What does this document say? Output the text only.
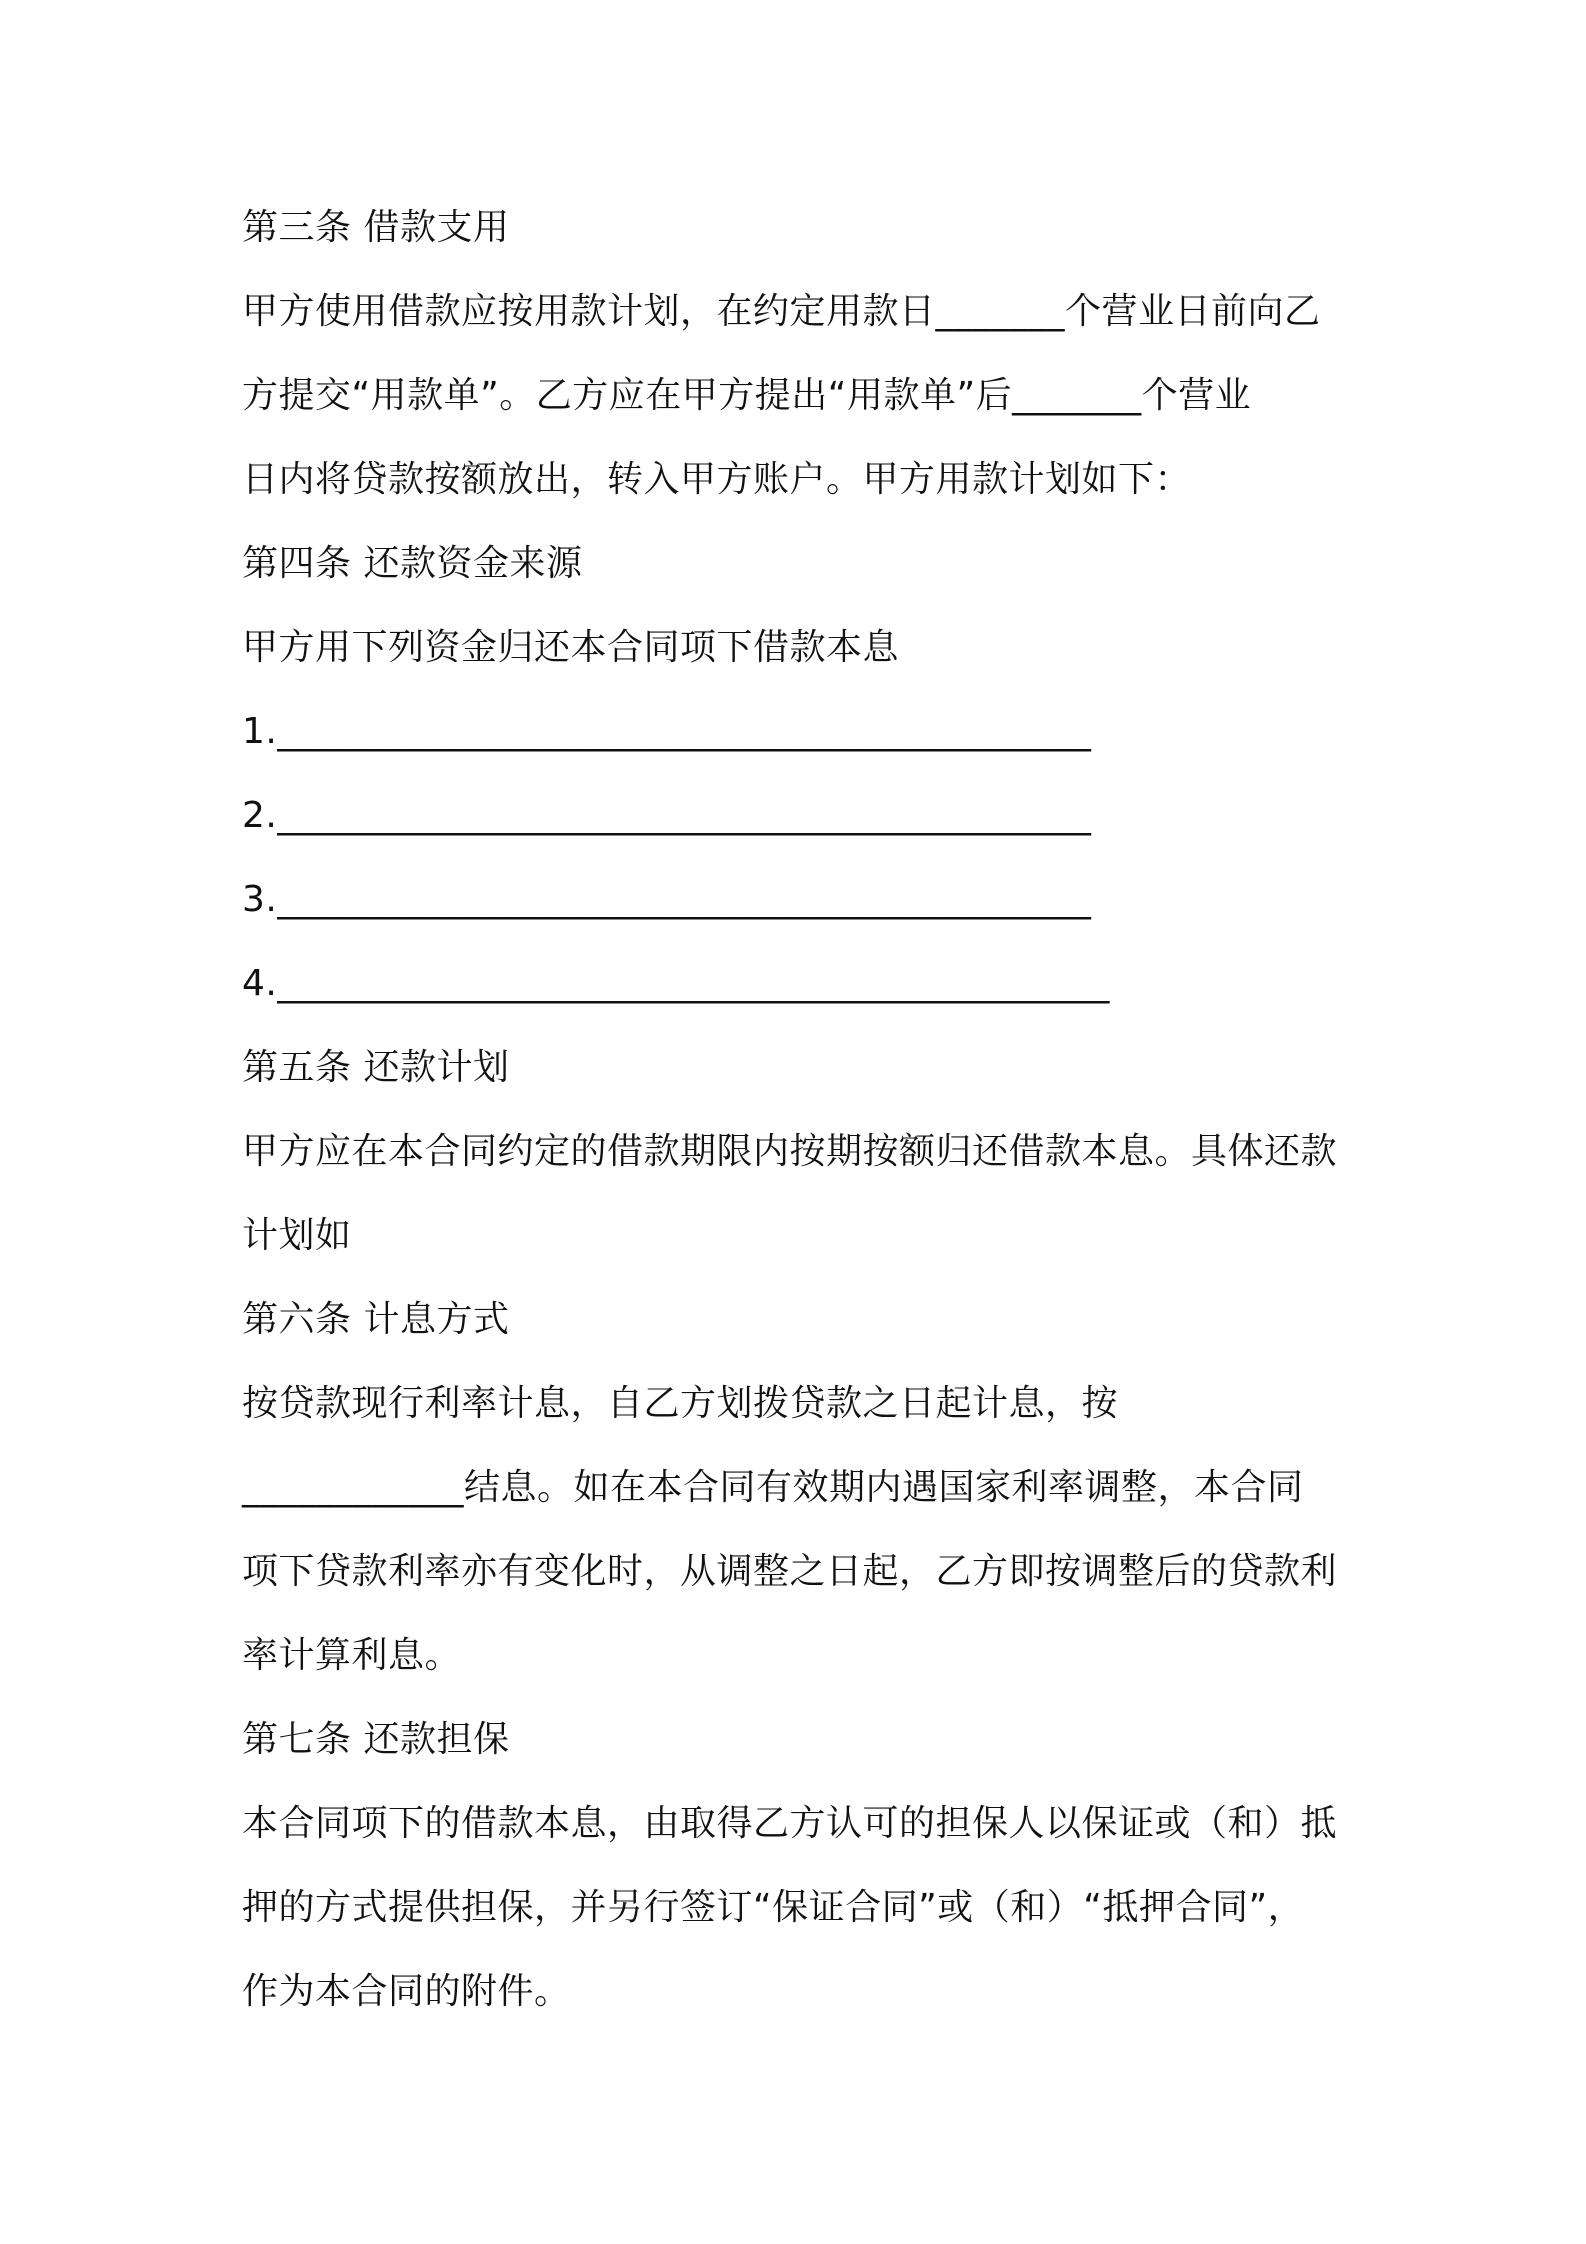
第三条 借款支用

甲方使用借款应按用款计划，在约定用款日_______个营业日前向乙

方提交“用款单”。乙方应在甲方提出“用款单”后_______个营业

日内将贷款按额放出，转入甲方账户。甲方用款计划如下：

第四条 还款资金来源

甲方用下列资金归还本合同项下借款本息

1.____________________________________________

2.____________________________________________

3.____________________________________________

4._____________________________________________

第五条 还款计划

甲方应在本合同约定的借款期限内按期按额归还借款本息。具体还款

计划如

第六条 计息方式

按贷款现行利率计息，自乙方划拨贷款之日起计息，按

____________结息。如在本合同有效期内遇国家利率调整，本合同

项下贷款利率亦有变化时，从调整之日起，乙方即按调整后的贷款利

率计算利息。

第七条 还款担保

本合同项下的借款本息，由取得乙方认可的担保人以保证或（和）抵

押的方式提供担保，并另行签订“保证合同”或（和）“抵押合同”，

作为本合同的附件。
